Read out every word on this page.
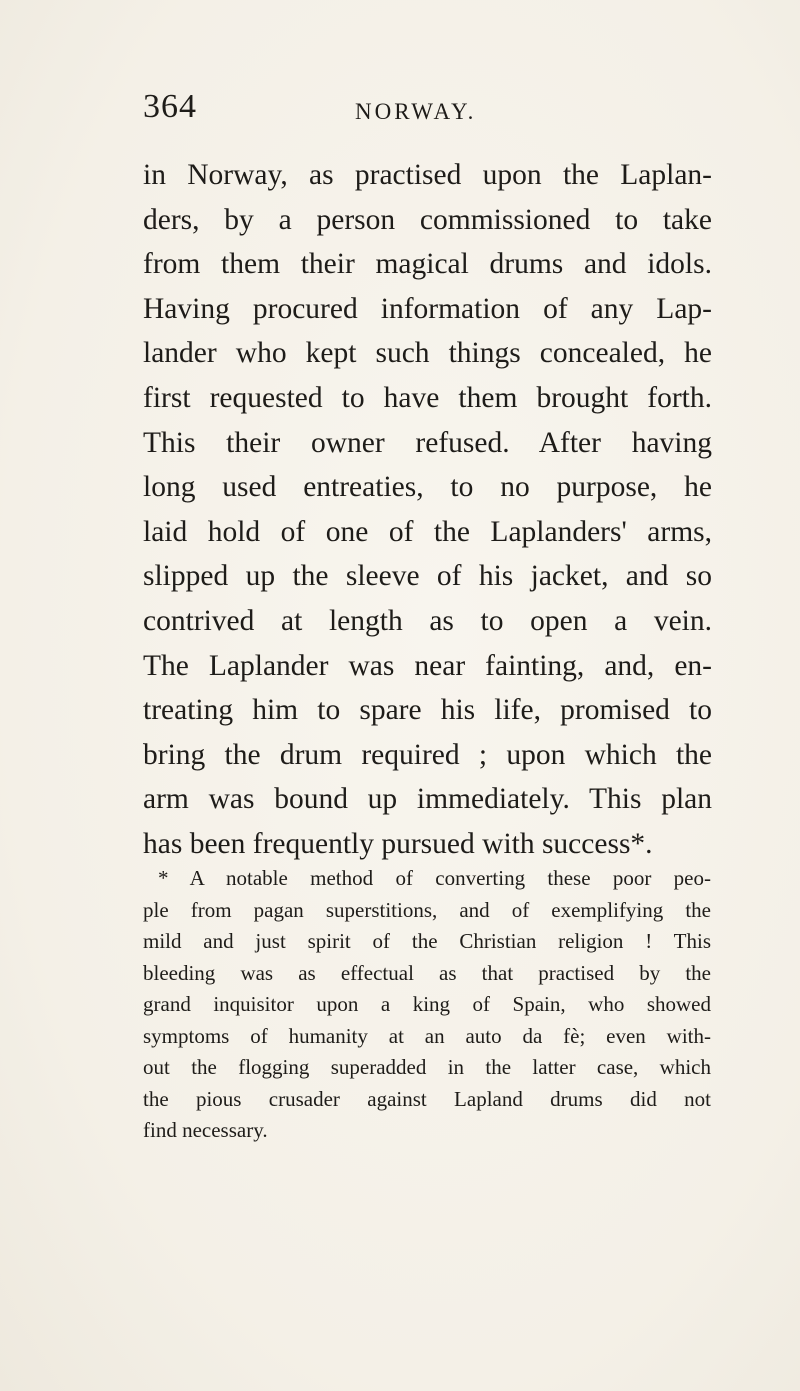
364	NORWAY.
in Norway, as practised upon the Laplan-
ders, by a person commissioned to take
from them their magical drums and idols.
Having procured information of any Lap-
lander who kept such things concealed, he
first requested to have them brought forth.
This their owner refused. After having
long used entreaties, to no purpose, he
laid hold of one of the Laplanders' arms,
slipped up the sleeve of his jacket, and so
contrived at length as to open a vein.
The Laplander was near fainting, and, en-
treating him to spare his life, promised to
bring the drum required ; upon which the
arm was bound up immediately. This plan
has been frequently pursued with success*.
* A notable method of converting these poor peo-
ple from pagan superstitions, and of exemplifying the
mild and just spirit of the Christian religion ! This
bleeding was as effectual as that practised by the
grand inquisitor upon a king of Spain, who showed
symptoms of humanity at an auto da fè; even with-
out the flogging superadded in the latter case, which
the pious crusader against Lapland drums did not
find necessary.
